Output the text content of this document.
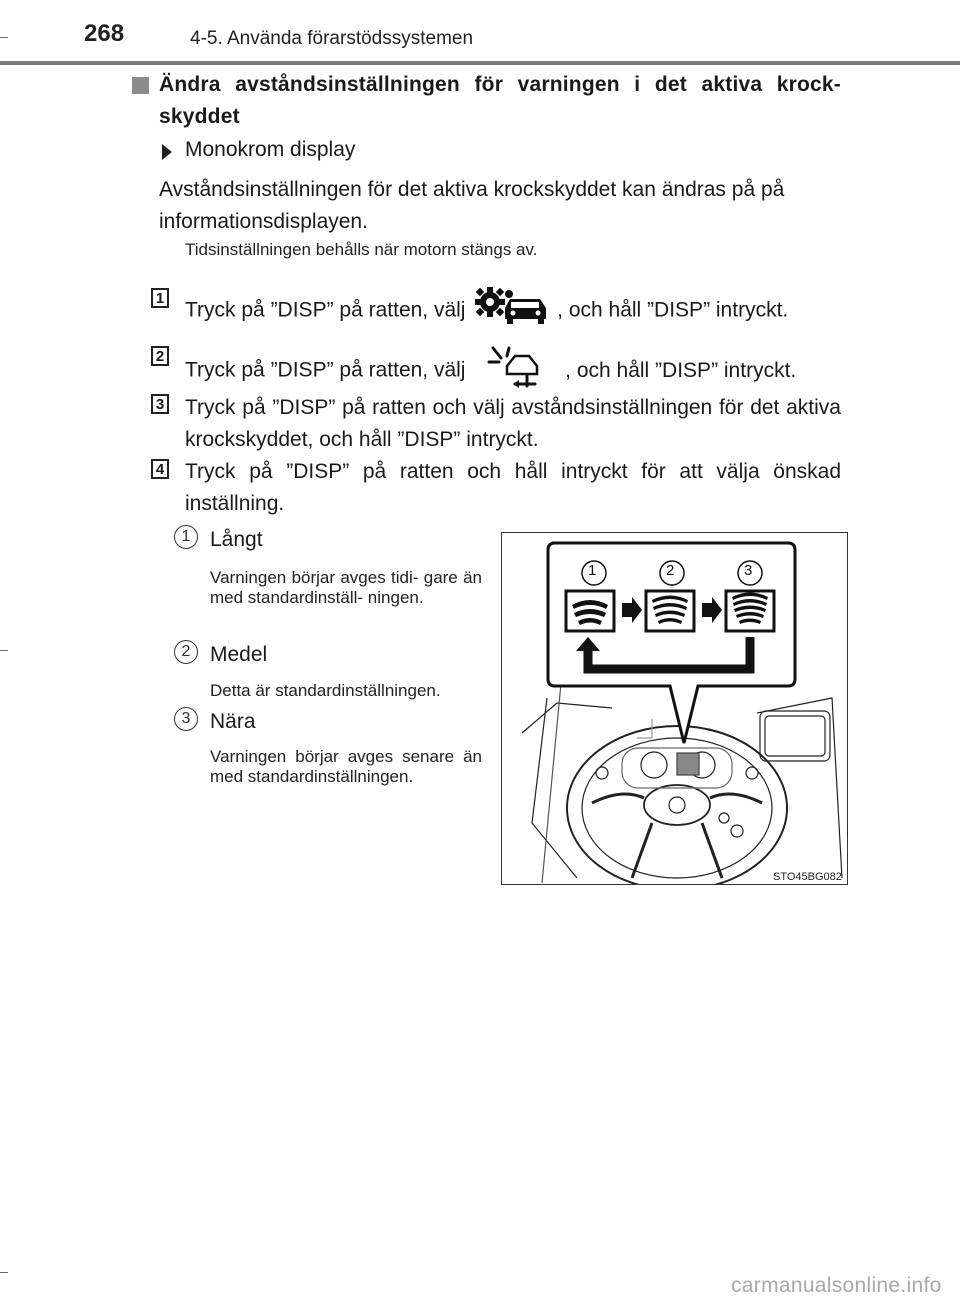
268	4-5. Använda förarstödssystemen
Ändra avståndsinställningen för varningen i det aktiva krock- skyddet
Monokrom display
Avståndsinställningen för det aktiva krockskyddet kan ändras på på informationsdisplayen.
Tidsinställningen behålls när motorn stängs av.
1
Tryck på ”DISP” på ratten, välj	, och håll ”DISP” intryckt.
2
Tryck på ”DISP” på ratten, välj	, och håll ”DISP” intryckt.
3 Tryck på ”DISP” på ratten och välj avståndsinställningen för det aktiva krockskyddet, och håll ”DISP” intryckt.
4 Tryck på ”DISP” på ratten och håll intryckt för att välja önskad inställning.
1 Långt
Varningen börjar avges tidi- gare än med standardinställ- ningen.
2 Medel
Detta är standardinställningen.
3 Nära
Varningen börjar avges senare än med standardinställningen.
1	2	3
STO45BG082
carmanualsonline.info
